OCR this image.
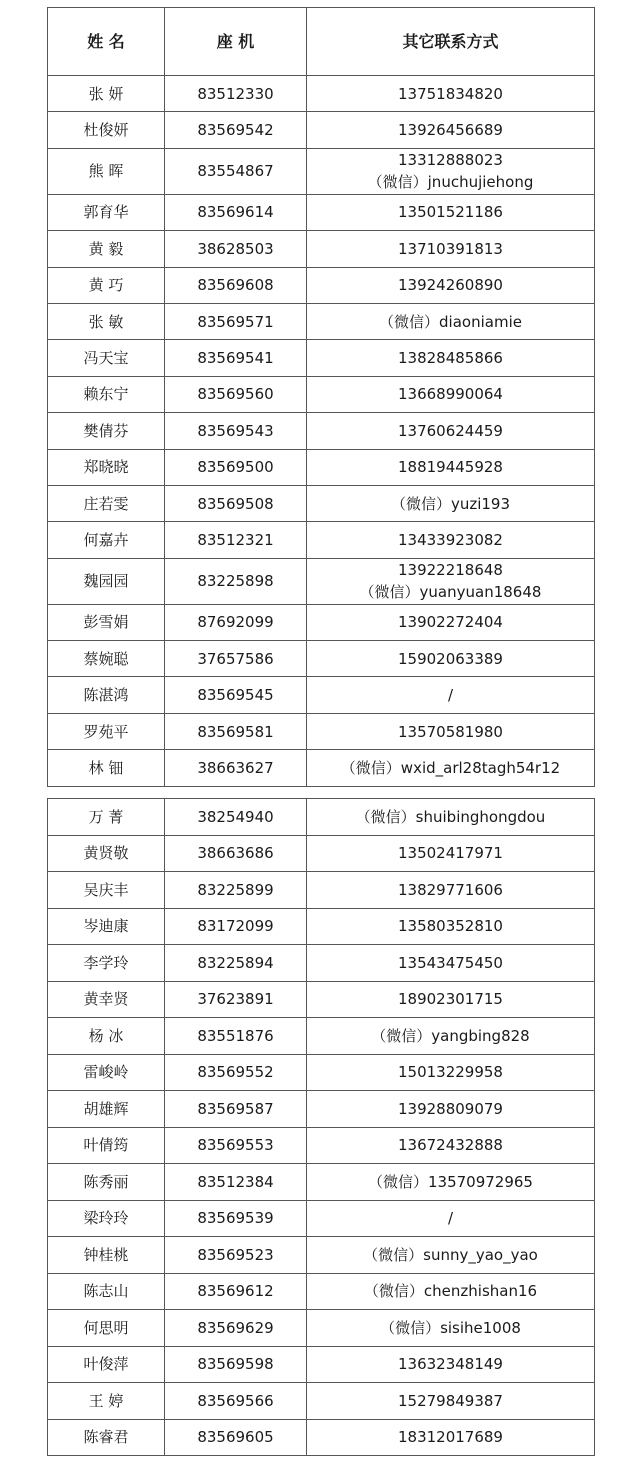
姓 名	座 机	其它联系方式
张 妍	83512330	13751834820

杜俊妍	83569542	13926456689

熊 晖	83554867	13312888023
（微信）jnuchujiehong

郭育华	83569614	13501521186

黄 毅	38628503	13710391813

黄 巧	83569608	13924260890

张 敏	83569571	（微信）diaoniamie

冯天宝	83569541	13828485866

赖东宁	83569560	13668990064

樊倩芬	83569543	13760624459

郑晓晓	83569500	18819445928

庄若雯	83569508	（微信）yuzi193

何嘉卉	83512321	13433923082

魏园园	83225898	13922218648
（微信）yuanyuan18648

彭雪娟	87692099	13902272404

蔡婉聪	37657586	15902063389

陈湛鸿	83569545	/

罗苑平	83569581	13570581980

林 钿	38663627	（微信）wxid_arl28tagh54r12
万 菁	38254940	（微信）shuibinghongdou

黄贤敬	38663686	13502417971

吴庆丰	83225899	13829771606

岑迪康	83172099	13580352810

李学玲	83225894	13543475450

黄幸贤	37623891	18902301715

杨 冰	83551876	（微信）yangbing828

雷峻岭	83569552	15013229958

胡雄辉	83569587	13928809079

叶倩筠	83569553	13672432888

陈秀丽	83512384	（微信）13570972965

梁玲玲	83569539	/

钟桂桃	83569523	（微信）sunny_yao_yao

陈志山	83569612	（微信）chenzhishan16

何思明	83569629	（微信）sisihe1008

叶俊萍	83569598	13632348149

王 婷	83569566	15279849387

陈睿君	83569605	18312017689
